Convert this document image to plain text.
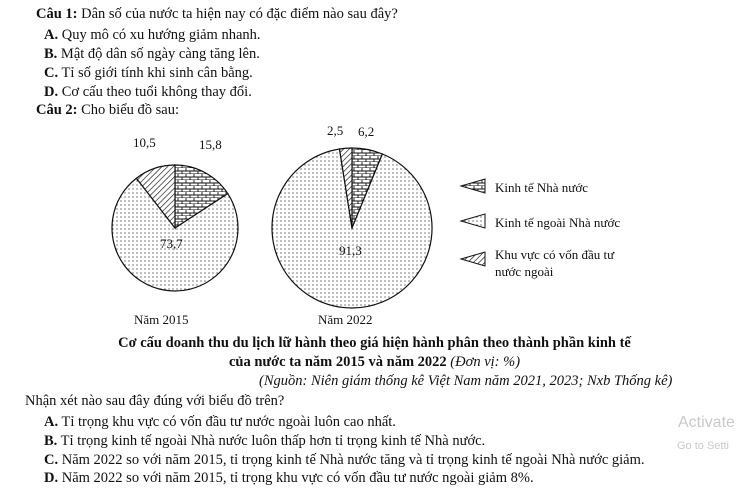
Câu 1: Dân số của nước ta hiện nay có đặc điểm nào sau đây?
A. Quy mô có xu hướng giảm nhanh.
B. Mật độ dân số ngày càng tăng lên.
C. Tỉ số giới tính khi sinh cân bằng.
D. Cơ cấu theo tuổi không thay đổi.
Câu 2: Cho biểu đồ sau:
10,5	15,8
73,7
2,5 6,2
91,3
Năm 2015	Năm 2022
Kinh tế Nhà nước
Kinh tế ngoài Nhà nước
Khu vực có vốn đầu tư
nước ngoài
Cơ cấu doanh thu du lịch lữ hành theo giá hiện hành phân theo thành phần kinh tế
của nước ta năm 2015 và năm 2022 (Đơn vị: %)
(Nguồn: Niên giám thống kê Việt Nam năm 2021, 2023; Nxb Thống kê)
Nhận xét nào sau đây đúng với biểu đồ trên?
A. Tỉ trọng khu vực có vốn đầu tư nước ngoài luôn cao nhất.
B. Tỉ trọng kinh tế ngoài Nhà nước luôn thấp hơn tỉ trọng kinh tế Nhà nước.
C. Năm 2022 so với năm 2015, tỉ trọng kinh tế Nhà nước tăng và tỉ trọng kinh tế ngoài Nhà nước giảm.
D. Năm 2022 so với năm 2015, tỉ trọng khu vực có vốn đầu tư nước ngoài giảm 8%.
Activate
Go to Setti
